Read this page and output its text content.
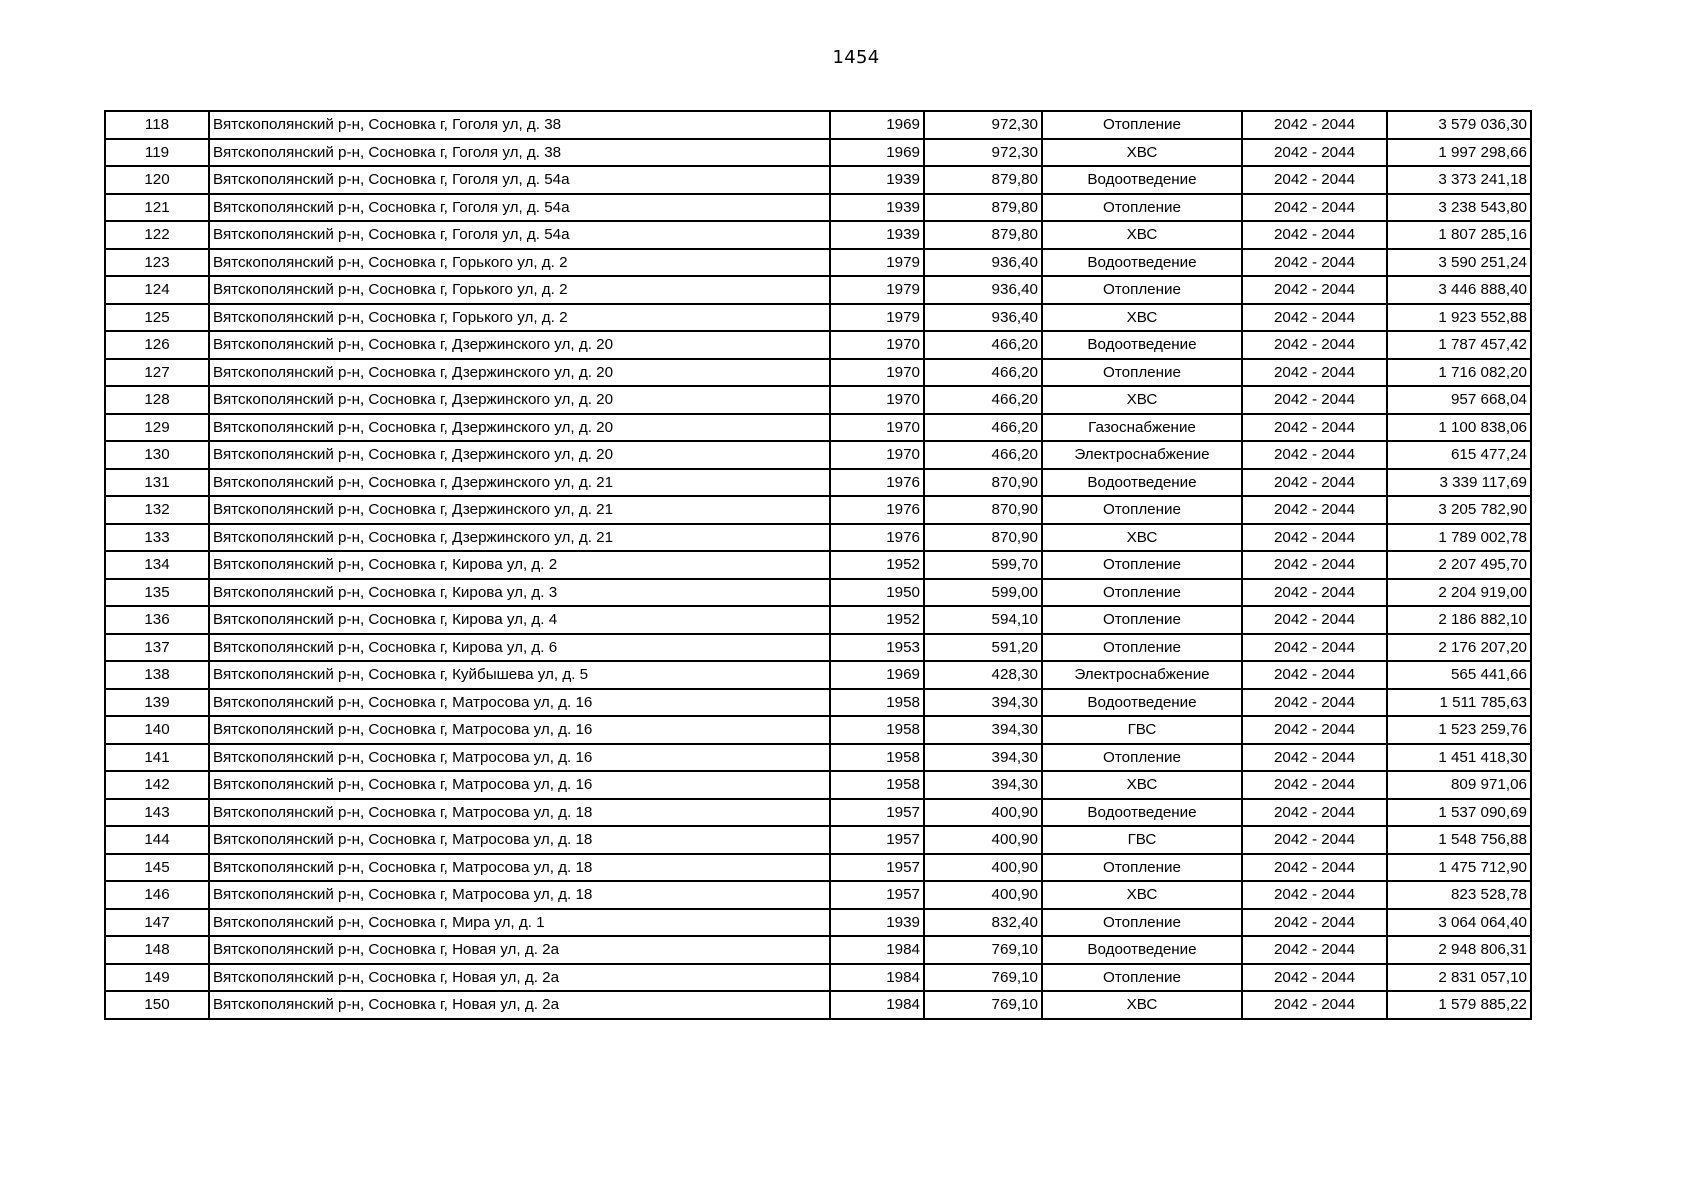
1454
118	Вятскополянский р-н, Сосновка г, Гоголя ул, д. 38	1969	972,30	Отопление	2042 - 2044	3 579 036,30
119	Вятскополянский р-н, Сосновка г, Гоголя ул, д. 38	1969	972,30	ХВС	2042 - 2044	1 997 298,66
120	Вятскополянский р-н, Сосновка г, Гоголя ул, д. 54а	1939	879,80	Водоотведение	2042 - 2044	3 373 241,18
121	Вятскополянский р-н, Сосновка г, Гоголя ул, д. 54а	1939	879,80	Отопление	2042 - 2044	3 238 543,80
122	Вятскополянский р-н, Сосновка г, Гоголя ул, д. 54а	1939	879,80	ХВС	2042 - 2044	1 807 285,16
123	Вятскополянский р-н, Сосновка г, Горького ул, д. 2	1979	936,40	Водоотведение	2042 - 2044	3 590 251,24
124	Вятскополянский р-н, Сосновка г, Горького ул, д. 2	1979	936,40	Отопление	2042 - 2044	3 446 888,40
125	Вятскополянский р-н, Сосновка г, Горького ул, д. 2	1979	936,40	ХВС	2042 - 2044	1 923 552,88
126	Вятскополянский р-н, Сосновка г, Дзержинского ул, д. 20	1970	466,20	Водоотведение	2042 - 2044	1 787 457,42
127	Вятскополянский р-н, Сосновка г, Дзержинского ул, д. 20	1970	466,20	Отопление	2042 - 2044	1 716 082,20
128	Вятскополянский р-н, Сосновка г, Дзержинского ул, д. 20	1970	466,20	ХВС	2042 - 2044	957 668,04
129	Вятскополянский р-н, Сосновка г, Дзержинского ул, д. 20	1970	466,20	Газоснабжение	2042 - 2044	1 100 838,06
130	Вятскополянский р-н, Сосновка г, Дзержинского ул, д. 20	1970	466,20	Электроснабжение	2042 - 2044	615 477,24
131	Вятскополянский р-н, Сосновка г, Дзержинского ул, д. 21	1976	870,90	Водоотведение	2042 - 2044	3 339 117,69
132	Вятскополянский р-н, Сосновка г, Дзержинского ул, д. 21	1976	870,90	Отопление	2042 - 2044	3 205 782,90
133	Вятскополянский р-н, Сосновка г, Дзержинского ул, д. 21	1976	870,90	ХВС	2042 - 2044	1 789 002,78
134	Вятскополянский р-н, Сосновка г, Кирова ул, д. 2	1952	599,70	Отопление	2042 - 2044	2 207 495,70
135	Вятскополянский р-н, Сосновка г, Кирова ул, д. 3	1950	599,00	Отопление	2042 - 2044	2 204 919,00
136	Вятскополянский р-н, Сосновка г, Кирова ул, д. 4	1952	594,10	Отопление	2042 - 2044	2 186 882,10
137	Вятскополянский р-н, Сосновка г, Кирова ул, д. 6	1953	591,20	Отопление	2042 - 2044	2 176 207,20
138	Вятскополянский р-н, Сосновка г, Куйбышева ул, д. 5	1969	428,30	Электроснабжение	2042 - 2044	565 441,66
139	Вятскополянский р-н, Сосновка г, Матросова ул, д. 16	1958	394,30	Водоотведение	2042 - 2044	1 511 785,63
140	Вятскополянский р-н, Сосновка г, Матросова ул, д. 16	1958	394,30	ГВС	2042 - 2044	1 523 259,76
141	Вятскополянский р-н, Сосновка г, Матросова ул, д. 16	1958	394,30	Отопление	2042 - 2044	1 451 418,30
142	Вятскополянский р-н, Сосновка г, Матросова ул, д. 16	1958	394,30	ХВС	2042 - 2044	809 971,06
143	Вятскополянский р-н, Сосновка г, Матросова ул, д. 18	1957	400,90	Водоотведение	2042 - 2044	1 537 090,69
144	Вятскополянский р-н, Сосновка г, Матросова ул, д. 18	1957	400,90	ГВС	2042 - 2044	1 548 756,88
145	Вятскополянский р-н, Сосновка г, Матросова ул, д. 18	1957	400,90	Отопление	2042 - 2044	1 475 712,90
146	Вятскополянский р-н, Сосновка г, Матросова ул, д. 18	1957	400,90	ХВС	2042 - 2044	823 528,78
147	Вятскополянский р-н, Сосновка г, Мира ул, д. 1	1939	832,40	Отопление	2042 - 2044	3 064 064,40
148	Вятскополянский р-н, Сосновка г, Новая ул, д. 2а	1984	769,10	Водоотведение	2042 - 2044	2 948 806,31
149	Вятскополянский р-н, Сосновка г, Новая ул, д. 2а	1984	769,10	Отопление	2042 - 2044	2 831 057,10
150	Вятскополянский р-н, Сосновка г, Новая ул, д. 2а	1984	769,10	ХВС	2042 - 2044	1 579 885,22
